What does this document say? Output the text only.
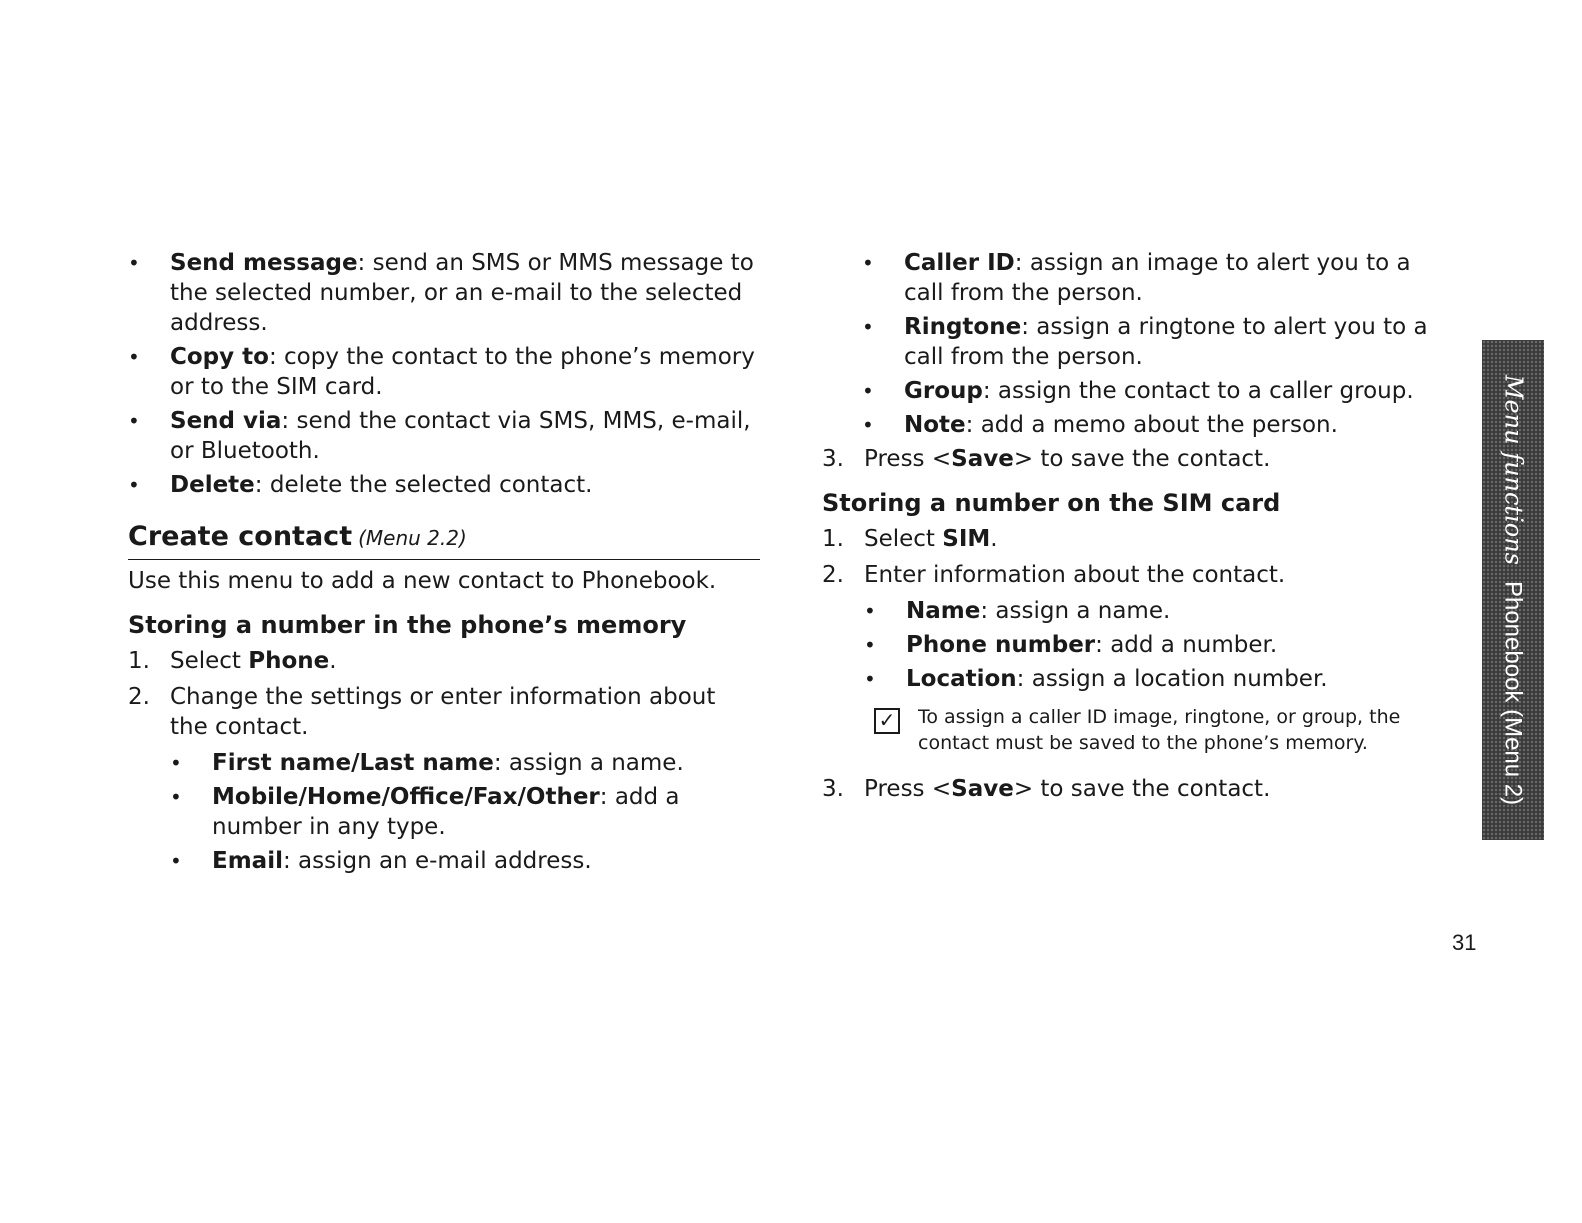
• Send message: send an SMS or MMS message to the selected number, or an e-mail to the selected address.
• Copy to: copy the contact to the phone’s memory or to the SIM card.
• Send via: send the contact via SMS, MMS, e-mail, or Bluetooth.
• Delete: delete the selected contact.
Create contact (Menu 2.2)
Use this menu to add a new contact to Phonebook.
Storing a number in the phone’s memory
1. Select Phone.
2. Change the settings or enter information about the contact.
• First name/Last name: assign a name.
• Mobile/Home/Office/Fax/Other: add a number in any type.
• Email: assign an e-mail address.
• Caller ID: assign an image to alert you to a call from the person.
• Ringtone: assign a ringtone to alert you to a call from the person.
• Group: assign the contact to a caller group.
• Note: add a memo about the person.
3. Press <Save> to save the contact.
Storing a number on the SIM card
1. Select SIM.
2. Enter information about the contact.
• Name: assign a name.
• Phone number: add a number.
• Location: assign a location number.
✓ To assign a caller ID image, ringtone, or group, the contact must be saved to the phone’s memory.
3. Press <Save> to save the contact.
Menu functionsPhonebook (Menu 2)
31
